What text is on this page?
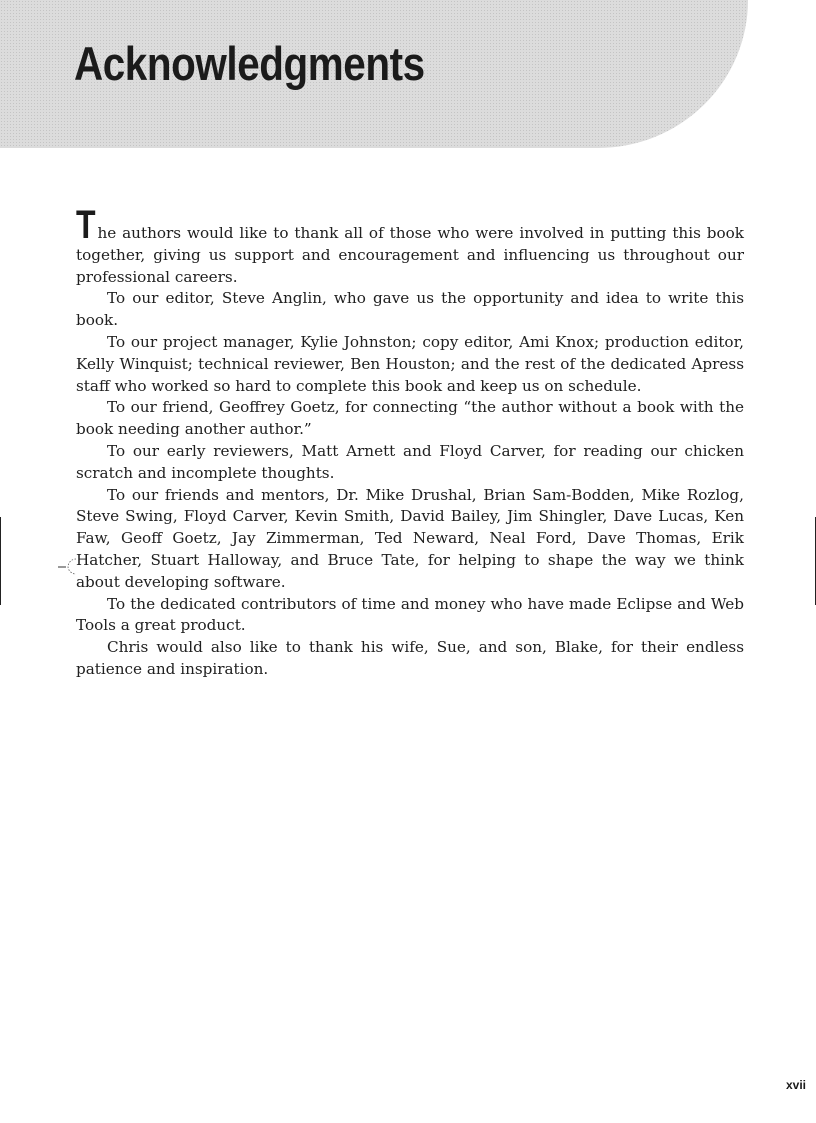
Acknowledgments

The authors would like to thank all of those who were involved in putting this book together, giving us support and encouragement and influencing us throughout our professional careers.

To our editor, Steve Anglin, who gave us the opportunity and idea to write this book.

To our project manager, Kylie Johnston; copy editor, Ami Knox; production editor, Kelly Winquist; technical reviewer, Ben Houston; and the rest of the dedicated Apress staff who worked so hard to complete this book and keep us on schedule.

To our friend, Geoffrey Goetz, for connecting “the author without a book with the book needing another author.”

To our early reviewers, Matt Arnett and Floyd Carver, for reading our chicken scratch and incomplete thoughts.

To our friends and mentors, Dr. Mike Drushal, Brian Sam-Bodden, Mike Rozlog, Steve Swing, Floyd Carver, Kevin Smith, David Bailey, Jim Shingler, Dave Lucas, Ken Faw, Geoff Goetz, Jay Zimmerman, Ted Neward, Neal Ford, Dave Thomas, Erik Hatcher, Stuart Halloway, and Bruce Tate, for helping to shape the way we think about developing software.

To the dedicated contributors of time and money who have made Eclipse and Web Tools a great product.

Chris would also like to thank his wife, Sue, and son, Blake, for their endless patience and inspiration.

xvii
